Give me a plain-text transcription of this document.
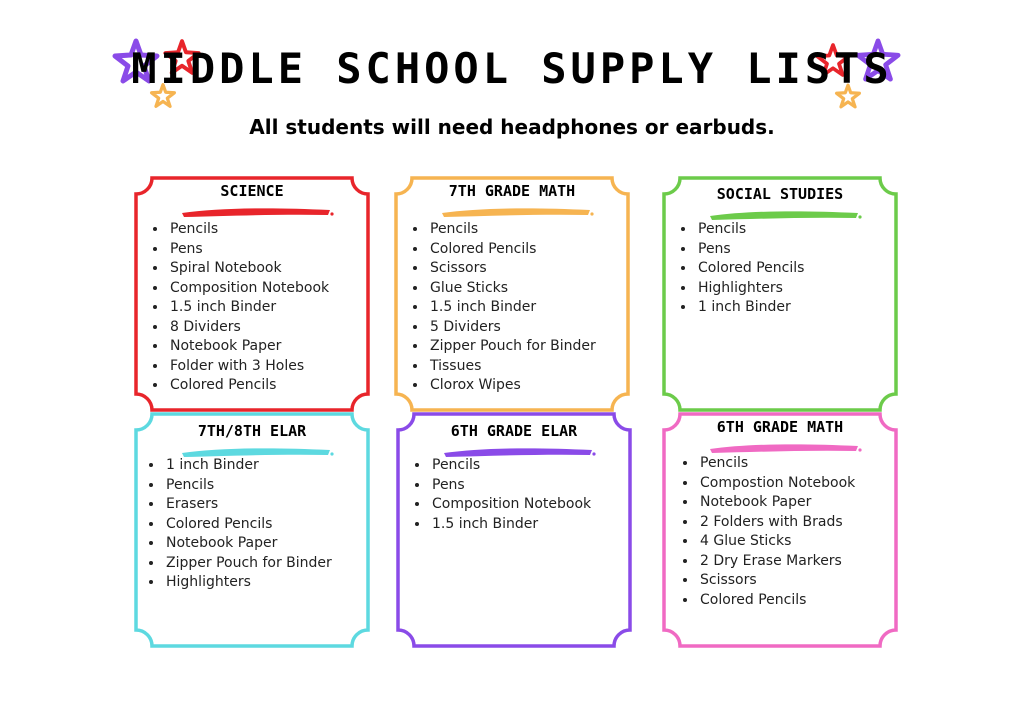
MIDDLE SCHOOL SUPPLY LISTS

All students will need headphones or earbuds.

SCIENCE
• Pencils
• Pens
• Spiral Notebook
• Composition Notebook
• 1.5 inch Binder
• 8 Dividers
• Notebook Paper
• Folder with 3 Holes
• Colored Pencils
7TH GRADE MATH
• Pencils
• Colored Pencils
• Scissors
• Glue Sticks
• 1.5 inch Binder
• 5 Dividers
• Zipper Pouch for Binder
• Tissues
• Clorox Wipes
SOCIAL STUDIES
• Pencils
• Pens
• Colored Pencils
• Highlighters
• 1 inch Binder
7TH/8TH ELAR
• 1 inch Binder
• Pencils
• Erasers
• Colored Pencils
• Notebook Paper
• Zipper Pouch for Binder
• Highlighters
6TH GRADE ELAR
• Pencils
• Pens
• Composition Notebook
• 1.5 inch Binder
6TH GRADE MATH
• Pencils
• Compostion Notebook
• Notebook Paper
• 2 Folders with Brads
• 4 Glue Sticks
• 2 Dry Erase Markers
• Scissors
• Colored Pencils
